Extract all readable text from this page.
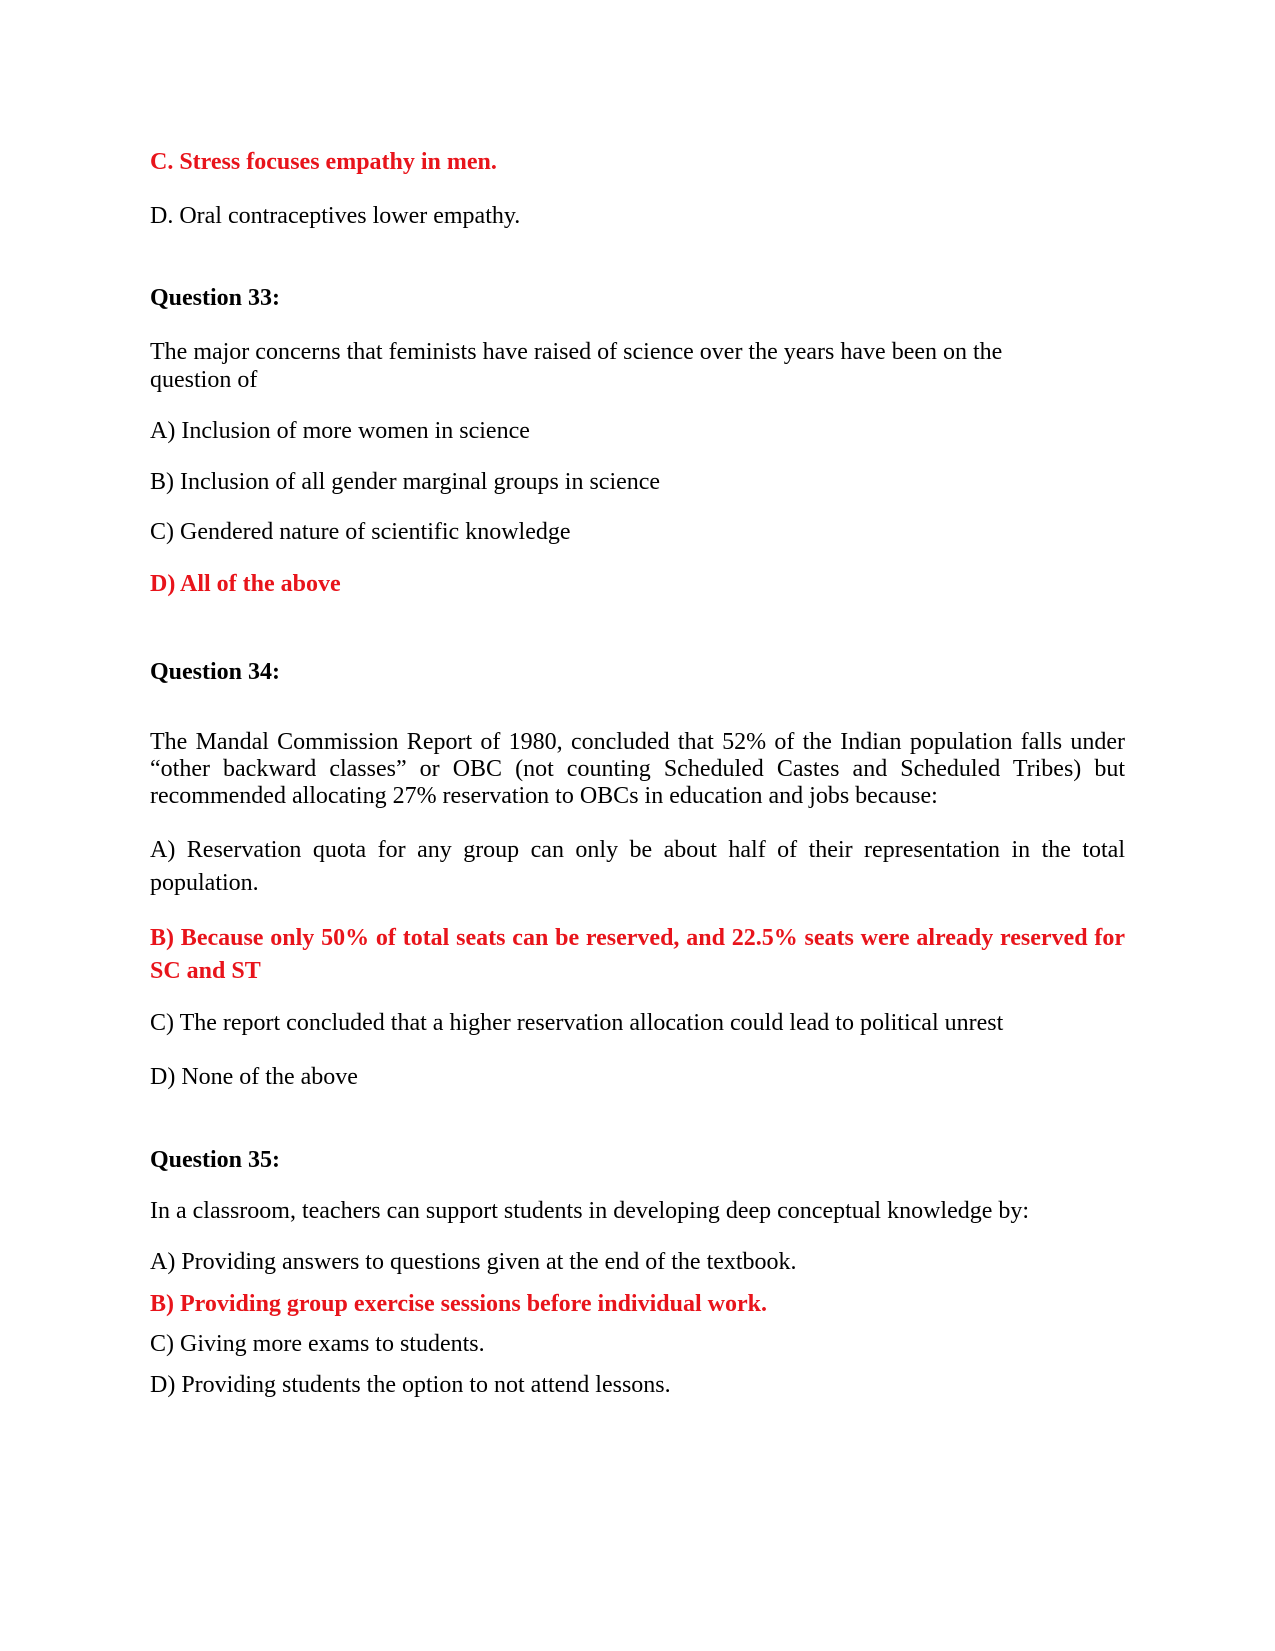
C. Stress focuses empathy in men.

D. Oral contraceptives lower empathy.

Question 33:

The major concerns that feminists have raised of science over the years have been on the question of

A) Inclusion of more women in science

B) Inclusion of all gender marginal groups in science

C) Gendered nature of scientific knowledge

D) All of the above

Question 34:

The Mandal Commission Report of 1980, concluded that 52% of the Indian population falls under “other backward classes” or OBC (not counting Scheduled Castes and Scheduled Tribes) but recommended allocating 27% reservation to OBCs in education and jobs because:

A) Reservation quota for any group can only be about half of their representation in the total population.

B) Because only 50% of total seats can be reserved, and 22.5% seats were already reserved for SC and ST

C) The report concluded that a higher reservation allocation could lead to political unrest

D) None of the above

Question 35:

In a classroom, teachers can support students in developing deep conceptual knowledge by:

A) Providing answers to questions given at the end of the textbook.

B) Providing group exercise sessions before individual work.

C) Giving more exams to students.

D) Providing students the option to not attend lessons.
